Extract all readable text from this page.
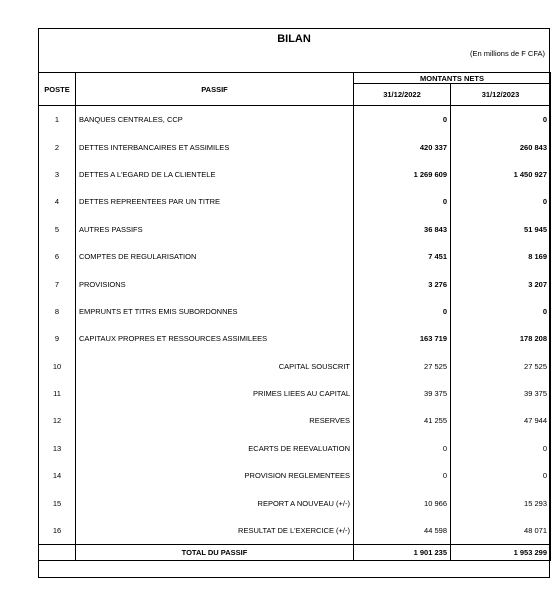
BILAN
(En millions de F CFA)
POSTE	PASSIF	MONTANTS NETS	
		31/12/2022	31/12/2023
1	BANQUES CENTRALES, CCP	0	0
2	DETTES INTERBANCAIRES ET ASSIMILES	420 337	260 843
3	DETTES A L'EGARD DE LA CLIENTELE	1 269 609	1 450 927
4	DETTES REPREENTEES PAR UN TITRE	0	0
5	AUTRES PASSIFS	36 843	51 945
6	COMPTES DE REGULARISATION	7 451	8 169
7	PROVISIONS	3 276	3 207
8	EMPRUNTS ET TITRS EMIS SUBORDONNES	0	0
9	CAPITAUX PROPRES ET RESSOURCES ASSIMILEES	163 719	178 208
10	CAPITAL SOUSCRIT	27 525	27 525
11	PRIMES LIEES AU CAPITAL	39 375	39 375
12	RESERVES	41 255	47 944
13	ECARTS DE REEVALUATION	0	0
14	PROVISION REGLEMENTEES	0	0
15	REPORT A NOUVEAU (+/-)	10 966	15 293
16	RESULTAT DE L'EXERCICE (+/-)	44 598	48 071
	TOTAL DU PASSIF	1 901 235	1 953 299
